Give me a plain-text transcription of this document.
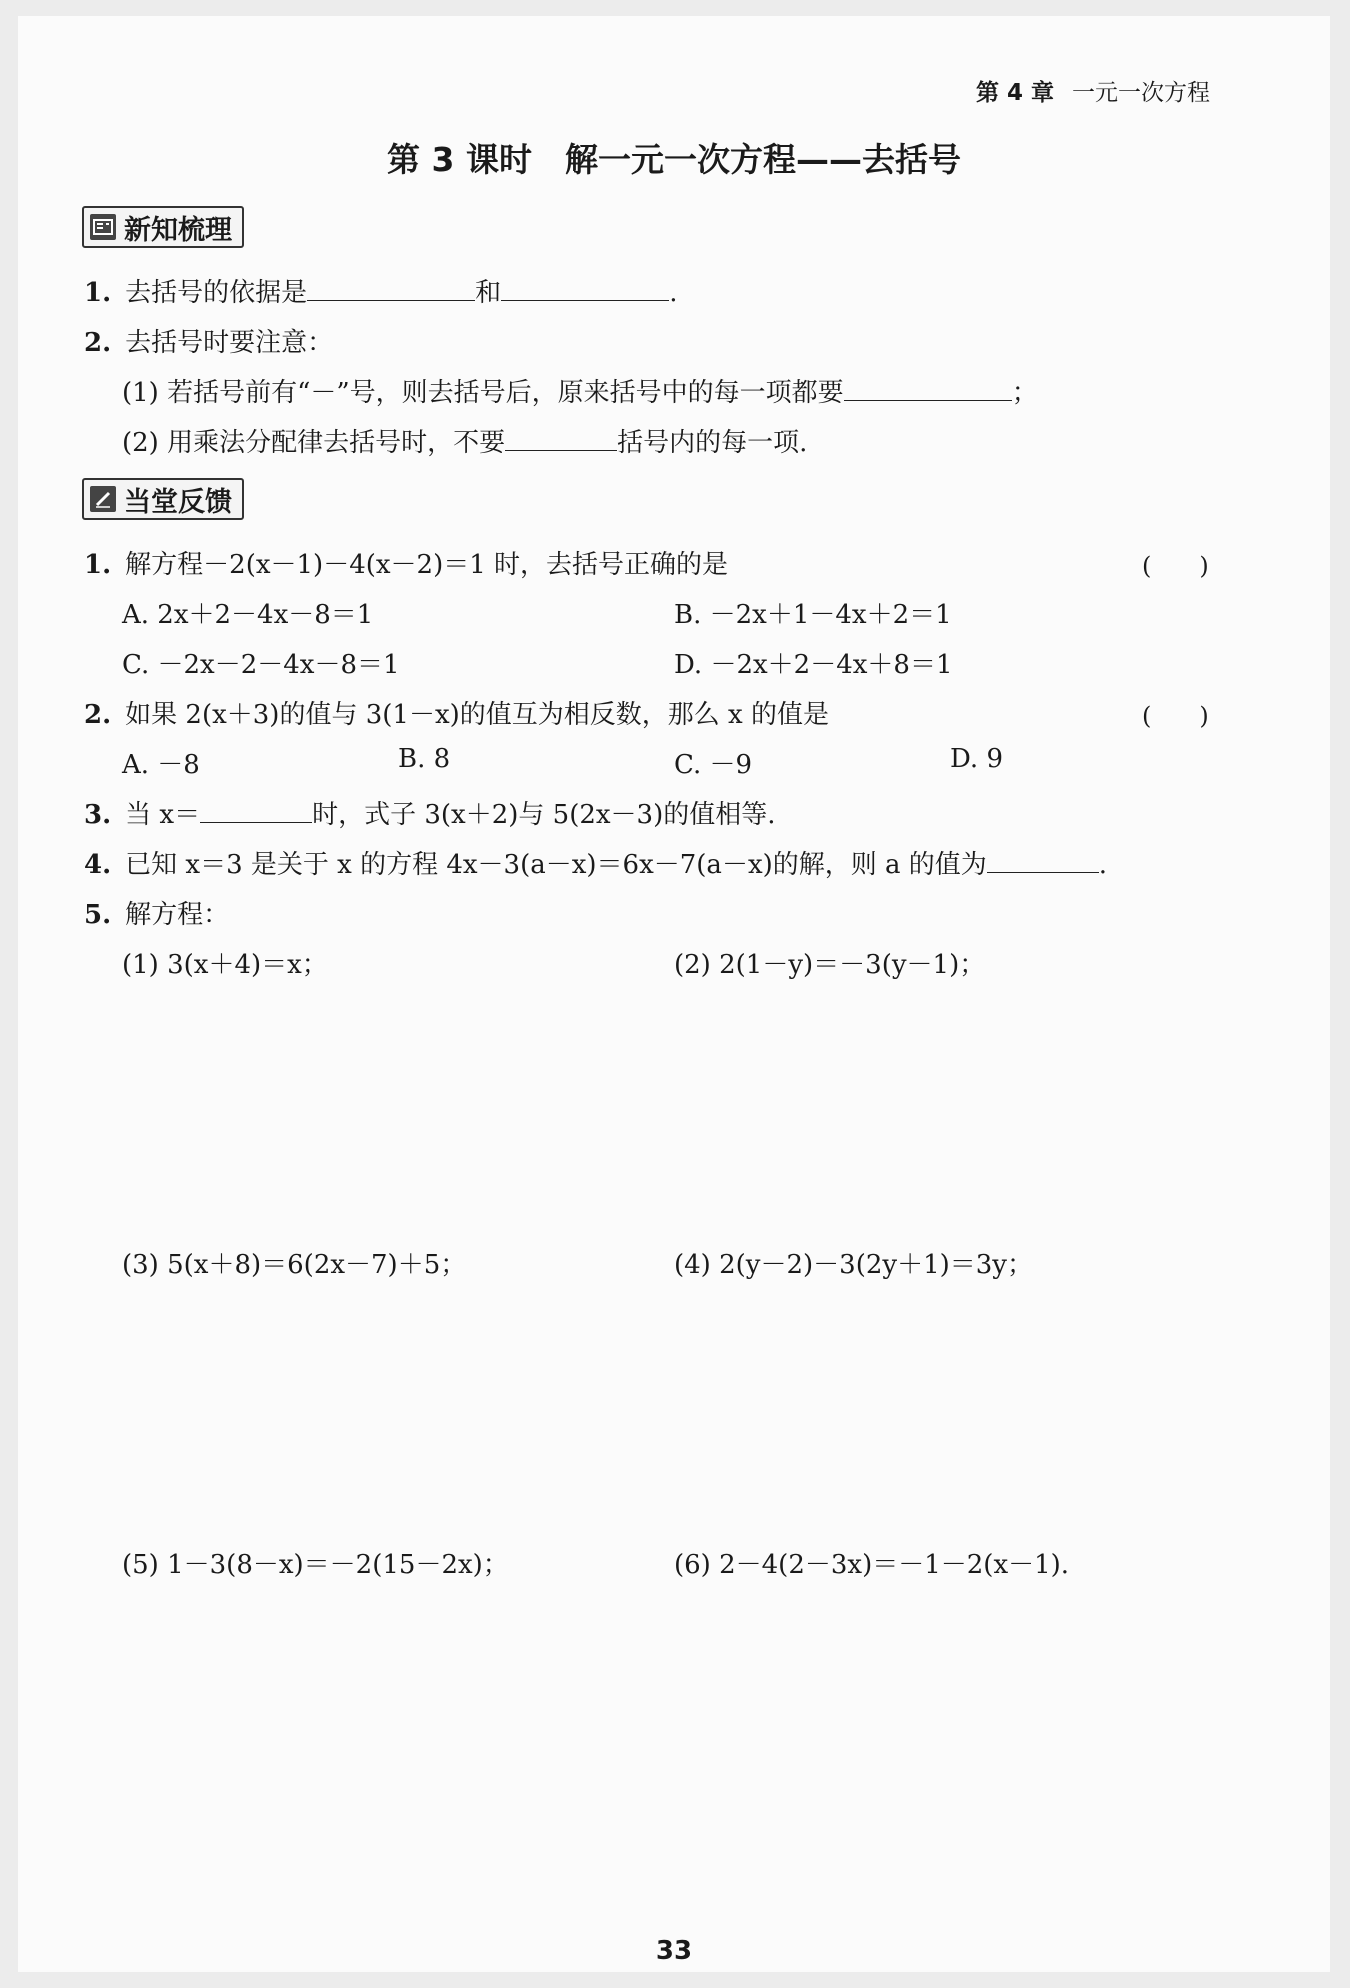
第 4 章 一元一次方程
第 3 课时　解一元一次方程——去括号
新知梳理
1. 去括号的依据是	和	.
2. 去括号时要注意：
(1) 若括号前有“－”号，则去括号后，原来括号中的每一项都要	；
(2) 用乘法分配律去括号时，不要	括号内的每一项.
当堂反馈
1. 解方程－2(x－1)－4(x－2)＝1 时，去括号正确的是	(　　)
A. 2x＋2－4x－8＝1	B. －2x＋1－4x＋2＝1
C. －2x－2－4x－8＝1	D. －2x＋2－4x＋8＝1
2. 如果 2(x＋3)的值与 3(1－x)的值互为相反数，那么 x 的值是	(　　)
A. －8	B. 8	C. －9	D. 9
3. 当 x＝	时，式子 3(x＋2)与 5(2x－3)的值相等.
4. 已知 x＝3 是关于 x 的方程 4x－3(a－x)＝6x－7(a－x)的解，则 a 的值为	.
5. 解方程：
(1) 3(x＋4)＝x；	(2) 2(1－y)＝－3(y－1)；
(3) 5(x＋8)＝6(2x－7)＋5；	(4) 2(y－2)－3(2y＋1)＝3y；
(5) 1－3(8－x)＝－2(15－2x)；	(6) 2－4(2－3x)＝－1－2(x－1).
33
